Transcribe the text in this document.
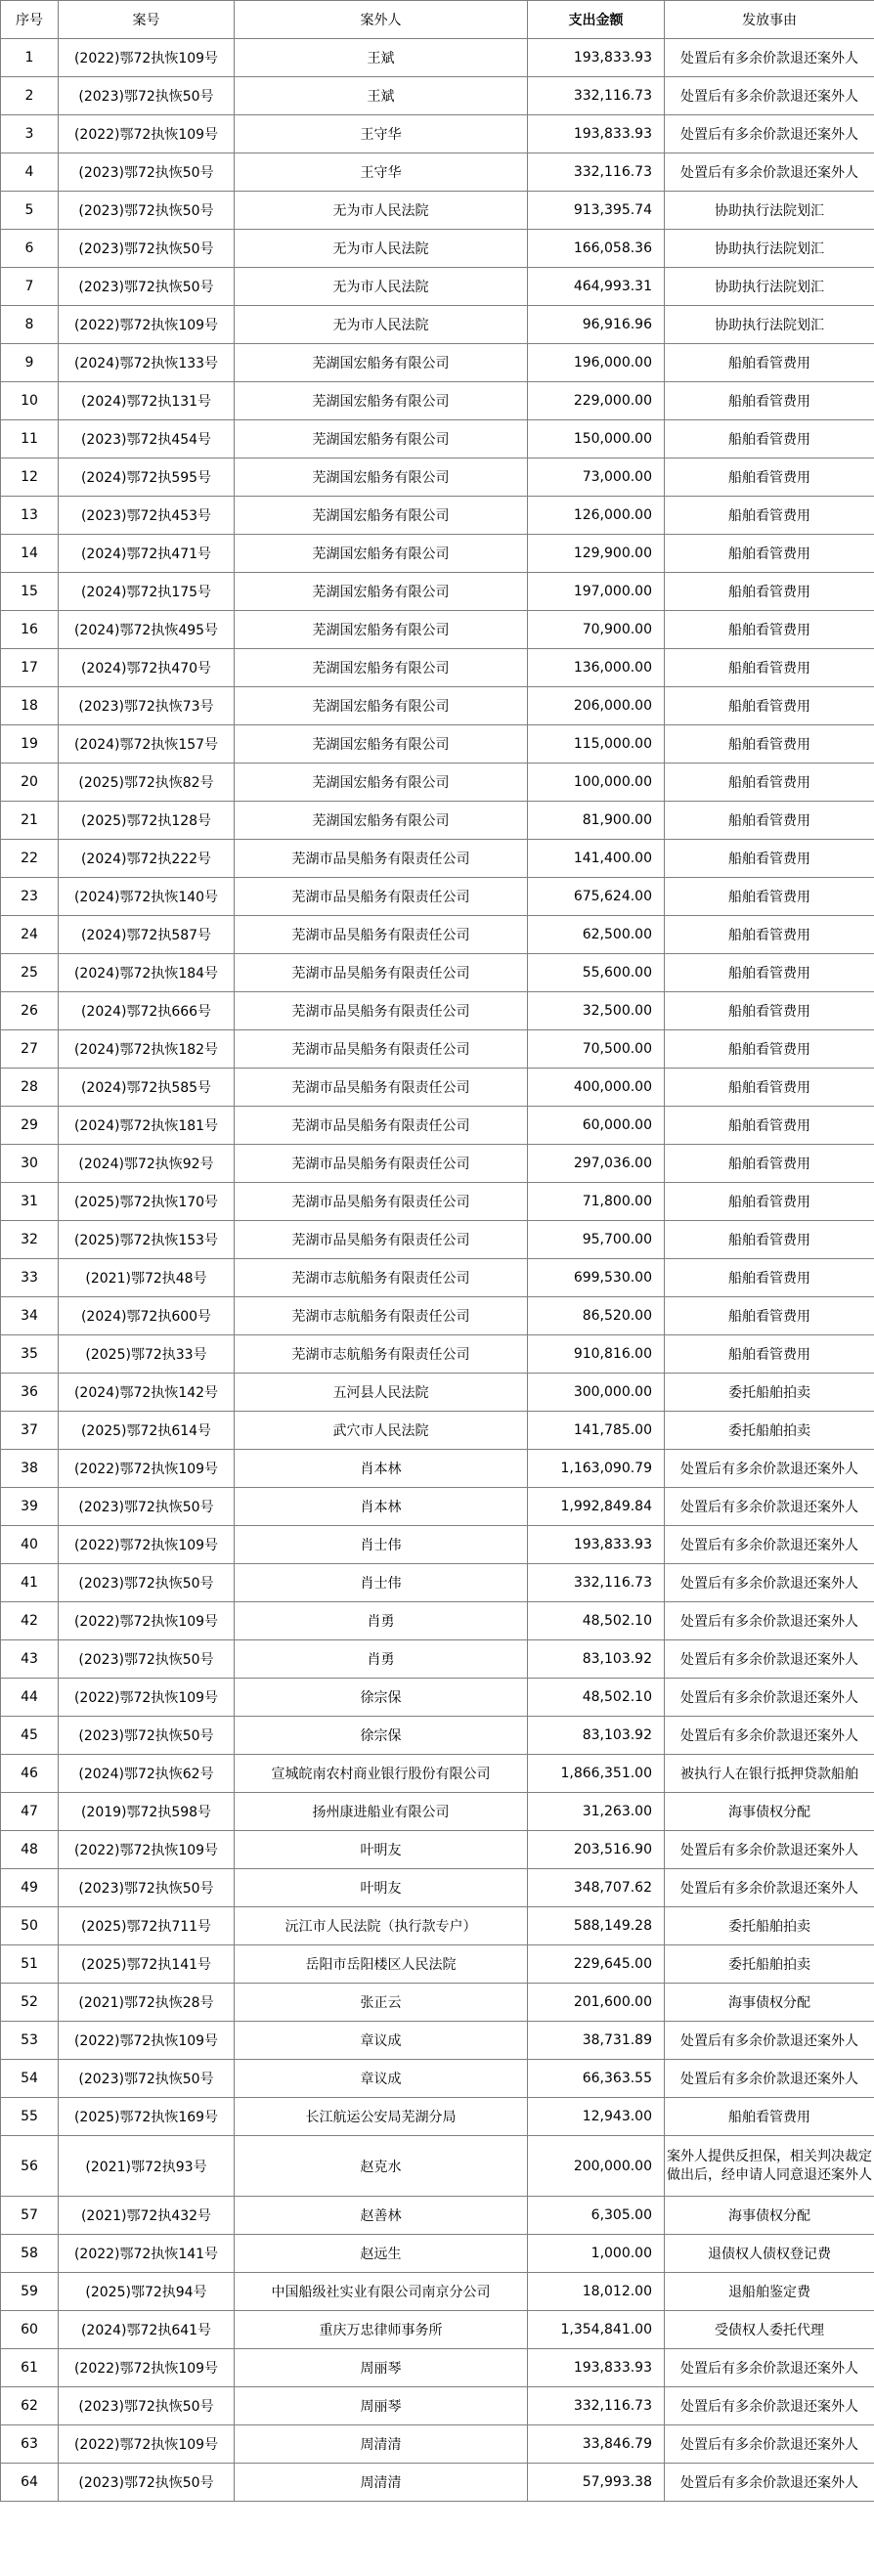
序号	案号	案外人	支出金额	发放事由
1	(2022)鄂72执恢109号	王斌	193,833.93	处置后有多余价款退还案外人
2	(2023)鄂72执恢50号	王斌	332,116.73	处置后有多余价款退还案外人
3	(2022)鄂72执恢109号	王守华	193,833.93	处置后有多余价款退还案外人
4	(2023)鄂72执恢50号	王守华	332,116.73	处置后有多余价款退还案外人
5	(2023)鄂72执恢50号	无为市人民法院	913,395.74	协助执行法院划汇
6	(2023)鄂72执恢50号	无为市人民法院	166,058.36	协助执行法院划汇
7	(2023)鄂72执恢50号	无为市人民法院	464,993.31	协助执行法院划汇
8	(2022)鄂72执恢109号	无为市人民法院	96,916.96	协助执行法院划汇
9	(2024)鄂72执恢133号	芜湖国宏船务有限公司	196,000.00	船舶看管费用
10	(2024)鄂72执131号	芜湖国宏船务有限公司	229,000.00	船舶看管费用
11	(2023)鄂72执454号	芜湖国宏船务有限公司	150,000.00	船舶看管费用
12	(2024)鄂72执595号	芜湖国宏船务有限公司	73,000.00	船舶看管费用
13	(2023)鄂72执453号	芜湖国宏船务有限公司	126,000.00	船舶看管费用
14	(2024)鄂72执471号	芜湖国宏船务有限公司	129,900.00	船舶看管费用
15	(2024)鄂72执175号	芜湖国宏船务有限公司	197,000.00	船舶看管费用
16	(2024)鄂72执恢495号	芜湖国宏船务有限公司	70,900.00	船舶看管费用
17	(2024)鄂72执470号	芜湖国宏船务有限公司	136,000.00	船舶看管费用
18	(2023)鄂72执恢73号	芜湖国宏船务有限公司	206,000.00	船舶看管费用
19	(2024)鄂72执恢157号	芜湖国宏船务有限公司	115,000.00	船舶看管费用
20	(2025)鄂72执恢82号	芜湖国宏船务有限公司	100,000.00	船舶看管费用
21	(2025)鄂72执128号	芜湖国宏船务有限公司	81,900.00	船舶看管费用
22	(2024)鄂72执222号	芜湖市品昊船务有限责任公司	141,400.00	船舶看管费用
23	(2024)鄂72执恢140号	芜湖市品昊船务有限责任公司	675,624.00	船舶看管费用
24	(2024)鄂72执587号	芜湖市品昊船务有限责任公司	62,500.00	船舶看管费用
25	(2024)鄂72执恢184号	芜湖市品昊船务有限责任公司	55,600.00	船舶看管费用
26	(2024)鄂72执666号	芜湖市品昊船务有限责任公司	32,500.00	船舶看管费用
27	(2024)鄂72执恢182号	芜湖市品昊船务有限责任公司	70,500.00	船舶看管费用
28	(2024)鄂72执585号	芜湖市品昊船务有限责任公司	400,000.00	船舶看管费用
29	(2024)鄂72执恢181号	芜湖市品昊船务有限责任公司	60,000.00	船舶看管费用
30	(2024)鄂72执恢92号	芜湖市品昊船务有限责任公司	297,036.00	船舶看管费用
31	(2025)鄂72执恢170号	芜湖市品昊船务有限责任公司	71,800.00	船舶看管费用
32	(2025)鄂72执恢153号	芜湖市品昊船务有限责任公司	95,700.00	船舶看管费用
33	(2021)鄂72执48号	芜湖市志航船务有限责任公司	699,530.00	船舶看管费用
34	(2024)鄂72执600号	芜湖市志航船务有限责任公司	86,520.00	船舶看管费用
35	(2025)鄂72执33号	芜湖市志航船务有限责任公司	910,816.00	船舶看管费用
36	(2024)鄂72执恢142号	五河县人民法院	300,000.00	委托船舶拍卖
37	(2025)鄂72执614号	武穴市人民法院	141,785.00	委托船舶拍卖
38	(2022)鄂72执恢109号	肖本林	1,163,090.79	处置后有多余价款退还案外人
39	(2023)鄂72执恢50号	肖本林	1,992,849.84	处置后有多余价款退还案外人
40	(2022)鄂72执恢109号	肖士伟	193,833.93	处置后有多余价款退还案外人
41	(2023)鄂72执恢50号	肖士伟	332,116.73	处置后有多余价款退还案外人
42	(2022)鄂72执恢109号	肖勇	48,502.10	处置后有多余价款退还案外人
43	(2023)鄂72执恢50号	肖勇	83,103.92	处置后有多余价款退还案外人
44	(2022)鄂72执恢109号	徐宗保	48,502.10	处置后有多余价款退还案外人
45	(2023)鄂72执恢50号	徐宗保	83,103.92	处置后有多余价款退还案外人
46	(2024)鄂72执恢62号	宣城皖南农村商业银行股份有限公司	1,866,351.00	被执行人在银行抵押贷款船舶
47	(2019)鄂72执598号	扬州康进船业有限公司	31,263.00	海事债权分配
48	(2022)鄂72执恢109号	叶明友	203,516.90	处置后有多余价款退还案外人
49	(2023)鄂72执恢50号	叶明友	348,707.62	处置后有多余价款退还案外人
50	(2025)鄂72执711号	沅江市人民法院（执行款专户）	588,149.28	委托船舶拍卖
51	(2025)鄂72执141号	岳阳市岳阳楼区人民法院	229,645.00	委托船舶拍卖
52	(2021)鄂72执恢28号	张正云	201,600.00	海事债权分配
53	(2022)鄂72执恢109号	章议成	38,731.89	处置后有多余价款退还案外人
54	(2023)鄂72执恢50号	章议成	66,363.55	处置后有多余价款退还案外人
55	(2025)鄂72执恢169号	长江航运公安局芜湖分局	12,943.00	船舶看管费用
56	(2021)鄂72执93号	赵克水	200,000.00	案外人提供反担保，相关判决裁定做出后，经申请人同意退还案外人
57	(2021)鄂72执432号	赵善林	6,305.00	海事债权分配
58	(2022)鄂72执恢141号	赵远生	1,000.00	退债权人债权登记费
59	(2025)鄂72执94号	中国船级社实业有限公司南京分公司	18,012.00	退船舶鉴定费
60	(2024)鄂72执641号	重庆万忠律师事务所	1,354,841.00	受债权人委托代理
61	(2022)鄂72执恢109号	周丽琴	193,833.93	处置后有多余价款退还案外人
62	(2023)鄂72执恢50号	周丽琴	332,116.73	处置后有多余价款退还案外人
63	(2022)鄂72执恢109号	周清清	33,846.79	处置后有多余价款退还案外人
64	(2023)鄂72执恢50号	周清清	57,993.38	处置后有多余价款退还案外人
